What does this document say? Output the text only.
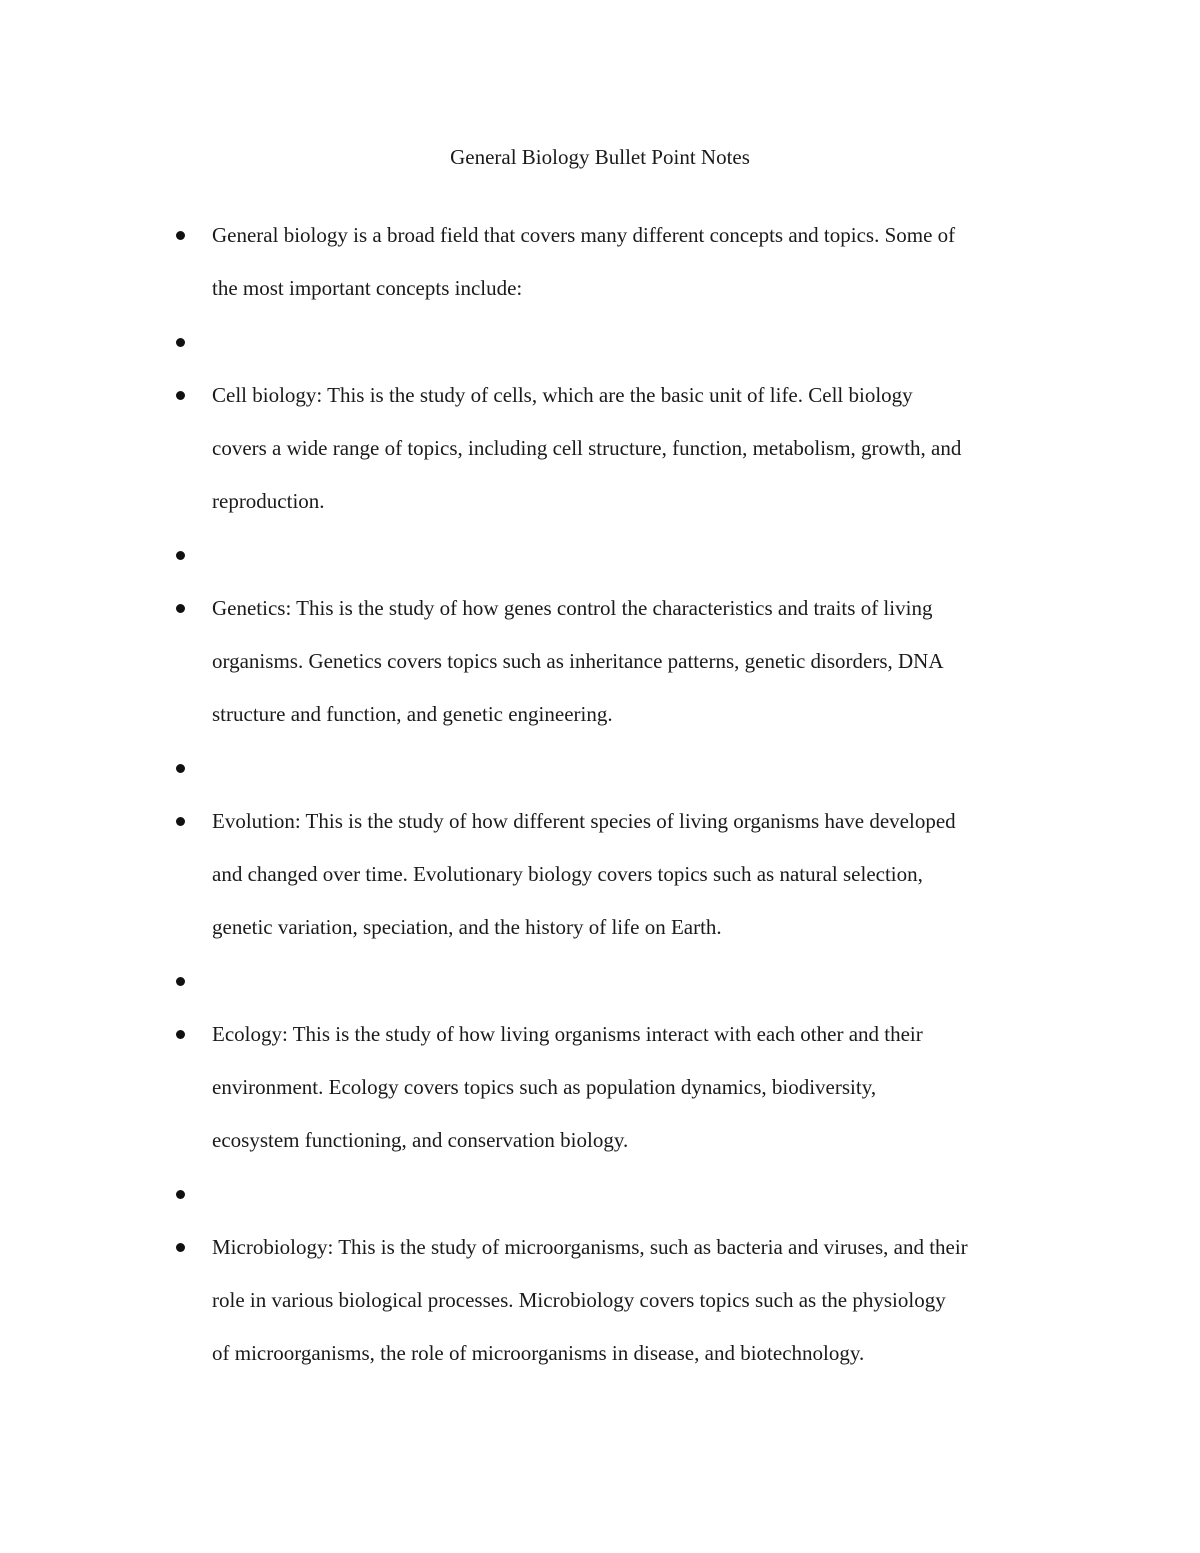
General Biology Bullet Point Notes
General biology is a broad field that covers many different concepts and topics. Some of
the most important concepts include:
Cell biology: This is the study of cells, which are the basic unit of life. Cell biology
covers a wide range of topics, including cell structure, function, metabolism, growth, and
reproduction.
Genetics: This is the study of how genes control the characteristics and traits of living
organisms. Genetics covers topics such as inheritance patterns, genetic disorders, DNA
structure and function, and genetic engineering.
Evolution: This is the study of how different species of living organisms have developed
and changed over time. Evolutionary biology covers topics such as natural selection,
genetic variation, speciation, and the history of life on Earth.
Ecology: This is the study of how living organisms interact with each other and their
environment. Ecology covers topics such as population dynamics, biodiversity,
ecosystem functioning, and conservation biology.
Microbiology: This is the study of microorganisms, such as bacteria and viruses, and their
role in various biological processes. Microbiology covers topics such as the physiology
of microorganisms, the role of microorganisms in disease, and biotechnology.
